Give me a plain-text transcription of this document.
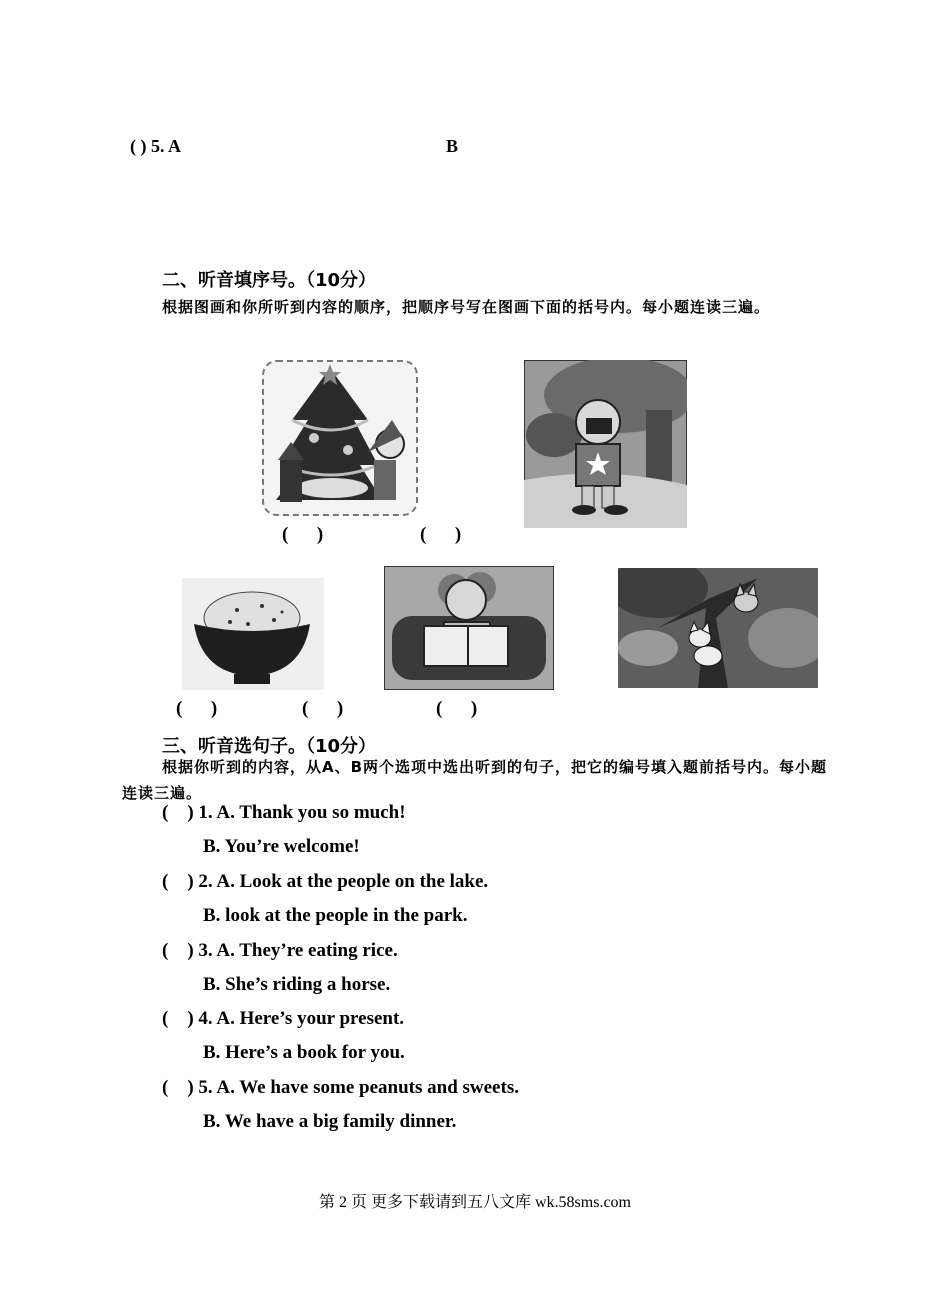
( ) 5. A	B
二、听音填序号。（10分）
根据图画和你所听到内容的顺序，把顺序号写在图画下面的括号内。每小题连读三遍。
(      )	(      )
(      )	(      )	(      )
三、听音选句子。（10分）
根据你听到的内容，从A、B两个选项中选出听到的句子，把它的编号填入题前括号内。每小题连读三遍。
(    ) 1. A. Thank you so much!
B. You’re welcome!
(    ) 2. A. Look at the people on the lake.
B. look at the people in the park.
(    ) 3. A. They’re eating rice.
B. She’s riding a horse.
(    ) 4. A. Here’s your present.
B. Here’s a book for you.
(    ) 5. A. We have some peanuts and sweets.
B. We have a big family dinner.
第 2 页 更多下载请到五八文库 wk.58sms.com
